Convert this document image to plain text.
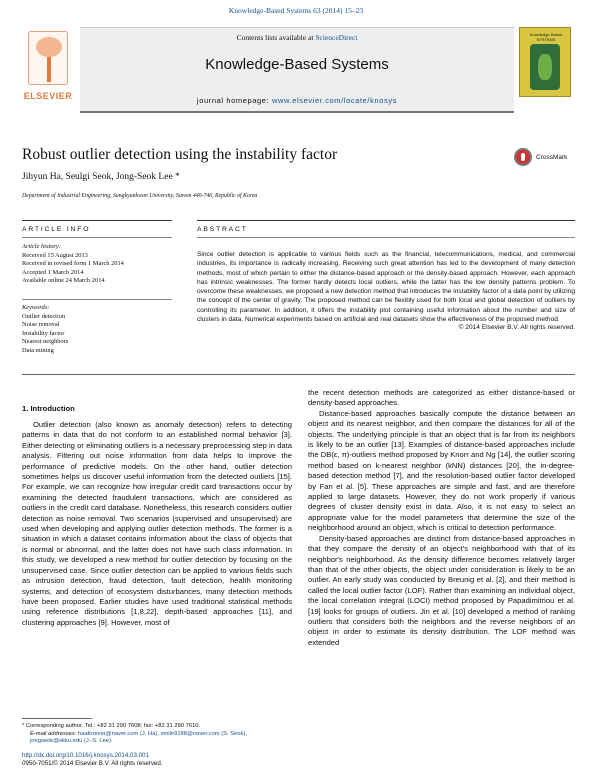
Knowledge-Based Systems 63 (2014) 15–23
ELSEVIER
Contents lists available at ScienceDirect
Knowledge-Based Systems
journal homepage: www.elsevier.com/locate/knosys
Knowledge-Based SYSTEMS
Robust outlier detection using the instability factor	CrossMark
Jihyun Ha, Seulgi Seok, Jong-Seok Lee *
Department of Industrial Engineering, Sungkyunkwan University, Suwon 440-746, Republic of Korea
ARTICLE INFO
Article history:
Received 15 August 2013
Received in revised form 1 March 2014
Accepted 1 March 2014
Available online 24 March 2014
Keywords:
Outlier detection
Noise removal
Instability factor
Nearest neighbors
Data mining
ABSTRACT

Since outlier detection is applicable to various fields such as the financial, telecommunications, medical, and commercial industries, its importance is radically increasing. Receiving such great attention has led to the development of many detection methods, most of which pertain to either the distance-based approach or the density-based approach. However, each approach has intrinsic weaknesses. The former hardly detects local outliers, while the latter has the low density patterns problem. To overcome these weaknesses, we proposed a new detection method that introduces the instability factor of a data point by utilizing the concept of the center of gravity. The proposed method can be flexibly used for both local and global detection of outliers by controlling its parameter. In addition, it offers the instability plot containing useful information about the number and size of clusters in data. Numerical experiments based on artificial and real datasets show the effectiveness of the proposed method.

© 2014 Elsevier B.V. All rights reserved.
1. Introduction

Outlier detection (also known as anomaly detection) refers to detecting patterns in data that do not conform to an established normal behavior [3]. Either detecting or eliminating outliers is a necessary preprocessing step in data analysis. Filtering out noise information from data helps to improve the performance of predictive models. On the other hand, outlier detection sometimes helps us discover useful information from the detected outliers [15]. For example, we can recognize how irregular credit card transactions occur by examining the detected fraudulent transactions, which are considered as outliers in the credit card database. Nonetheless, this research considers outlier detection as noise removal. Two scenarios (supervised and unsupervised) are used when developing and applying outlier detection methods. The former is a situation in which a dataset contains information about the class of objects that is normal or abnormal, and the latter does not have such class information. In this study, we developed a new method for outlier detection by focusing on the unsupervised case. Since outlier detection can be applied to various fields such as intrusion detection, fraud detection, fault detection, health monitoring systems, and detection of ecosystem disturbances, many detection methods have been proposed. Earlier studies have used traditional statistical methods using reference distributions [1,8,22], depth-based approaches [11], and clustering approaches [9]. However, most of

the recent detection methods are categorized as either distance-based or density-based approaches.

Distance-based approaches basically compute the distance between an object and its nearest neighbor, and then compare the distances for all of the objects. The underlying principle is that an object that is far from its neighbors is likely to be an outlier [13]. Examples of distance-based approaches include the DB(ε, π)-outliers method proposed by Knorr and Ng [14], the outlier scoring method based on k-nearest neighbor (kNN) distances [20], the in-degree-based detection method [7], and the resolution-based outlier factor developed by Fan et al. [5]. These approaches are simple and fast, and are therefore applied to large datasets. However, they do not work properly if various degrees of cluster density exist in data. Also, it is not easy to select an appropriate value for the model parameters that determine the size of the neighborhood around an object, which is critical to detection performance.

Density-based approaches are distinct from distance-based approaches in that they compare the density of an object's neighborhood with that of its neighbor's neighborhood. As the density difference becomes relatively larger than that of the other objects, the object under consideration is likely to be an outlier. An early study was conducted by Breunig et al. [2], and their method is called the local outlier factor (LOF). Rather than examining an individual object, the local correlation integral (LOCI) method proposed by Papadimitriou et al. [19] looks for groups of outliers. Jin et al. [10] developed a method of ranking outliers that considers both the neighbors and the reverse neighbors of an object in order to estimate its density distribution. The LOF method was extended

* Corresponding author. Tel.: +82 31 290 7608; fax: +82 31 290 7610.
E-mail addresses: haaforever@naver.com (J. Ha), smile9188@naver.com (S. Seok), jongseok@skku.edu (J.-S. Lee).
http://dx.doi.org/10.1016/j.knosys.2014.03.001
0950-7051/© 2014 Elsevier B.V. All rights reserved.
